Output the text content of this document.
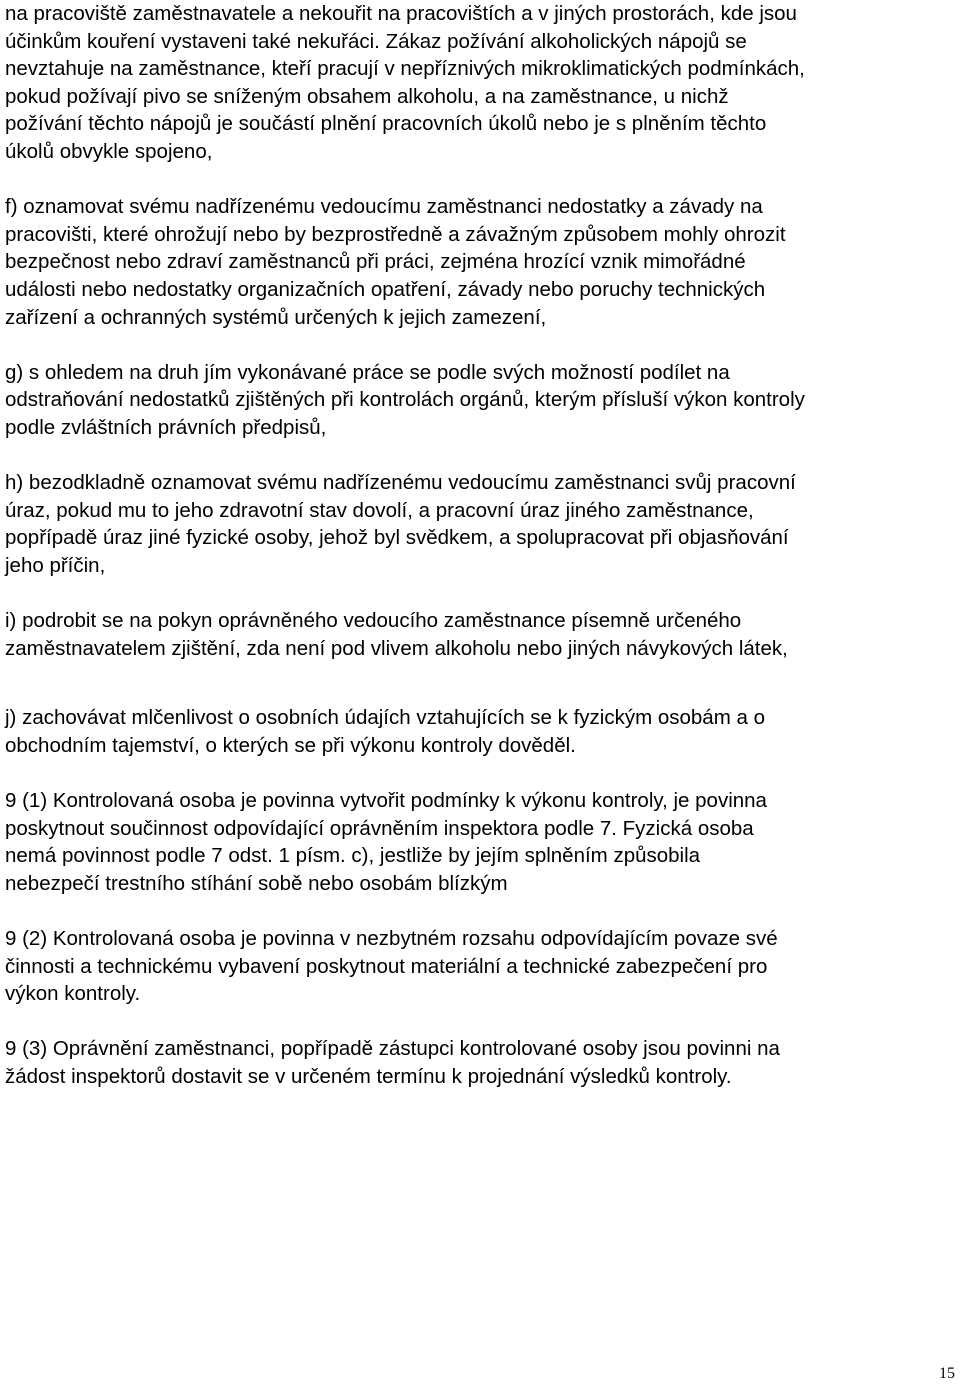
na pracoviště zaměstnavatele a nekouřit na pracovištích a v jiných prostorách, kde jsou

účinkům kouření vystaveni také nekuřáci. Zákaz požívání alkoholických nápojů se

nevztahuje na zaměstnance, kteří pracují v nepříznivých mikroklimatických podmínkách,

pokud požívají pivo se sníženým obsahem alkoholu, a na zaměstnance, u nichž

požívání těchto nápojů je součástí plnění pracovních úkolů nebo je s plněním těchto

úkolů obvykle spojeno,

f) oznamovat svému nadřízenému vedoucímu zaměstnanci nedostatky a závady na

pracovišti, které ohrožují nebo by bezprostředně a závažným způsobem mohly ohrozit

bezpečnost nebo zdraví zaměstnanců při práci, zejména hrozící vznik mimořádné

události nebo nedostatky organizačních opatření, závady nebo poruchy technických

zařízení a ochranných systémů určených k jejich zamezení,

g) s ohledem na druh jím vykonávané práce se podle svých možností podílet na

odstraňování nedostatků zjištěných při kontrolách orgánů, kterým přísluší výkon kontroly

podle zvláštních právních předpisů,

h) bezodkladně oznamovat svému nadřízenému vedoucímu zaměstnanci svůj pracovní

úraz, pokud mu to jeho zdravotní stav dovolí, a pracovní úraz jiného zaměstnance,

popřípadě úraz jiné fyzické osoby, jehož byl svědkem, a spolupracovat při objasňování

jeho příčin,

i) podrobit se na pokyn oprávněného vedoucího zaměstnance písemně určeného

zaměstnavatelem zjištění, zda není pod vlivem alkoholu nebo jiných návykových látek,

j) zachovávat mlčenlivost o osobních údajích vztahujících se k fyzickým osobám a o

obchodním tajemství, o kterých se při výkonu kontroly dověděl.

9 (1) Kontrolovaná osoba je povinna vytvořit podmínky k výkonu kontroly, je povinna

poskytnout součinnost odpovídající oprávněním inspektora podle 7. Fyzická osoba

nemá povinnost podle 7 odst. 1 písm. c), jestliže by jejím splněním způsobila

nebezpečí trestního stíhání sobě nebo osobám blízkým

9 (2) Kontrolovaná osoba je povinna v nezbytném rozsahu odpovídajícím povaze své

činnosti a technickému vybavení poskytnout materiální a technické zabezpečení pro

výkon kontroly.

9 (3) Oprávnění zaměstnanci, popřípadě zástupci kontrolované osoby jsou povinni na

žádost inspektorů dostavit se v určeném termínu k projednání výsledků kontroly.

15
